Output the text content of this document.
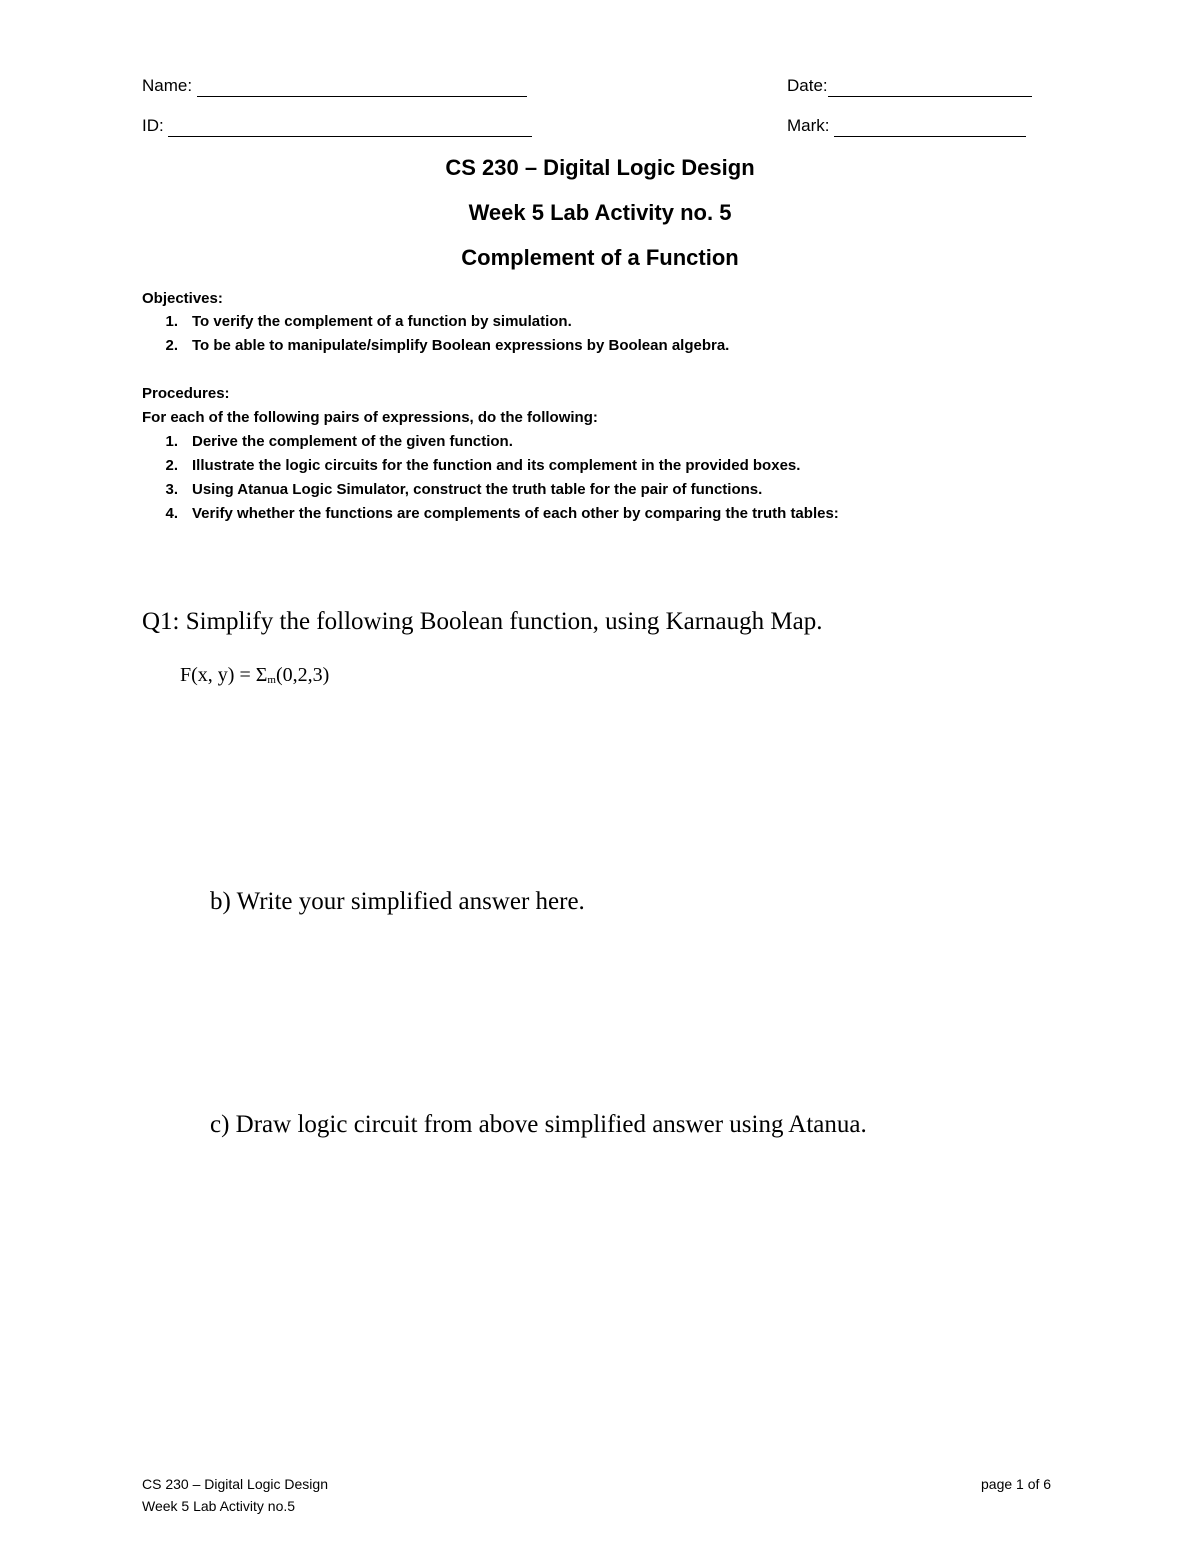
Name:	Date:
ID:	Mark:
CS 230 – Digital Logic Design
Week 5 Lab Activity no. 5
Complement of a Function
Objectives:
1. To verify the complement of a function by simulation.
2. To be able to manipulate/simplify Boolean expressions by Boolean algebra.
Procedures:
For each of the following pairs of expressions, do the following:
1. Derive the complement of the given function.
2. Illustrate the logic circuits for the function and its complement in the provided boxes.
3. Using Atanua Logic Simulator, construct the truth table for the pair of functions.
4. Verify whether the functions are complements of each other by comparing the truth tables:
Q1: Simplify the following Boolean function, using Karnaugh Map.
F(x, $y) = \Sigma_m(0,2,3)$
b) Write your simplified answer here.
c) Draw logic circuit from above simplified answer using Atanua.
CS 230 – Digital Logic Design
Week 5 Lab Activity no.5
page 1 of 6
